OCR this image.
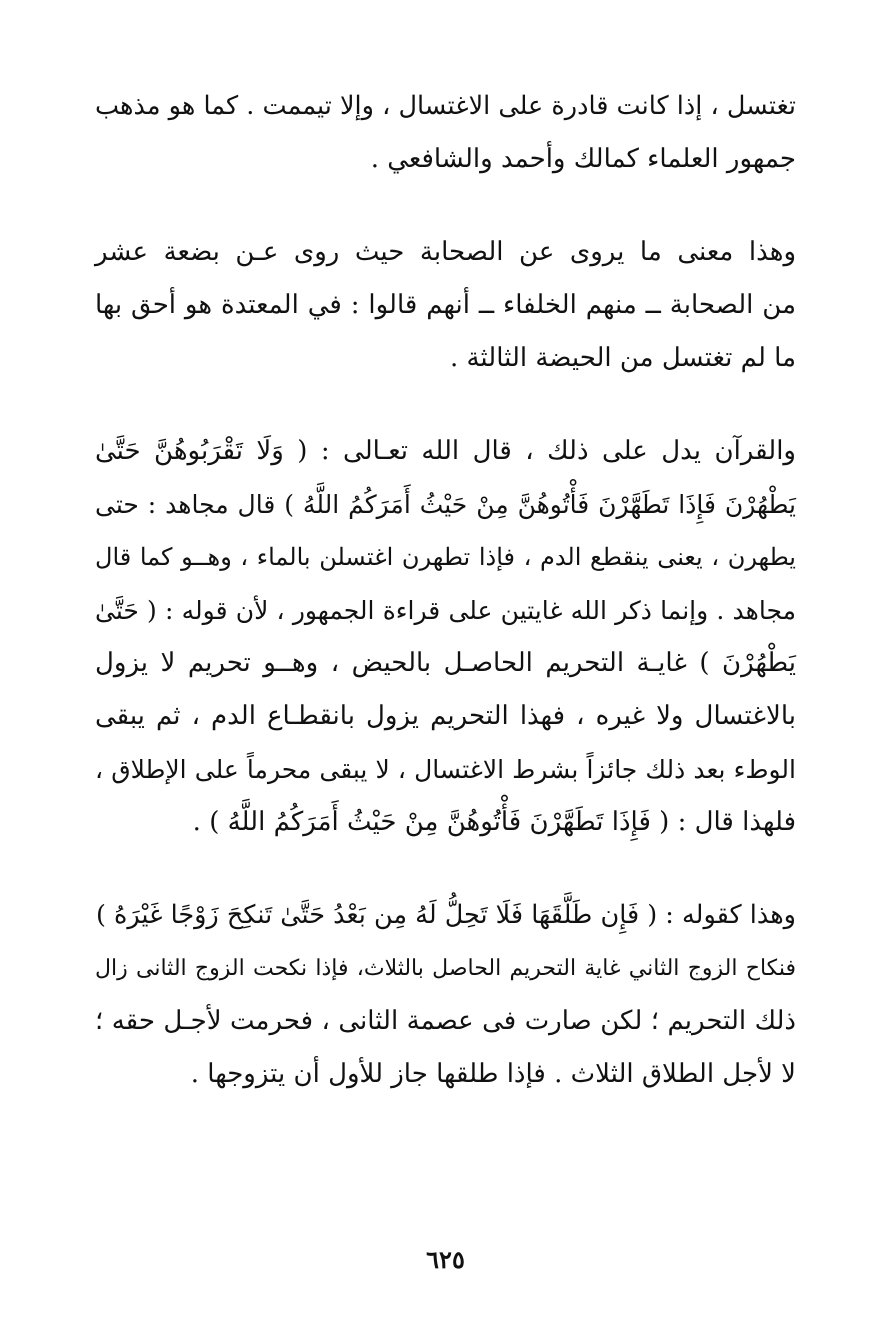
تغتسل ، إذا كانت قادرة على الاغتسال ، وإلا تيممت . كما هو مذهب
جمهور العلماء كمالك وأحمد والشافعي .

وهذا معنى ما يروى عن الصحابة حيث روى عـن بضعة عشر
من الصحابة ــ منهم الخلفاء ــ أنهم قالوا : في المعتدة هو أحق بها
ما لم تغتسل من الحيضة الثالثة .

والقرآن يدل على ذلك ، قال الله تعـالى : ( وَلَا تَقْرَبُوهُنَّ حَتَّىٰ
يَطْهُرْنَ فَإِذَا تَطَهَّرْنَ فَأْتُوهُنَّ مِنْ حَيْثُ أَمَرَكُمُ اللَّهُ ) قال مجاهد : حتى
يطهرن ، يعنى ينقطع الدم ، فإذا تطهرن اغتسلن بالماء ، وهــو كما قال
مجاهد . وإنما ذكر الله غايتين على قراءة الجمهور ، لأن قوله : ( حَتَّىٰ
يَطْهُرْنَ ) غايـة التحريم الحاصـل بالحيض ، وهــو تحريم لا يزول
بالاغتسال ولا غيره ، فهذا التحريم يزول بانقطـاع الدم ، ثم يبقى
الوطء بعد ذلك جائزاً بشرط الاغتسال ، لا يبقى محرماً على الإطلاق ،
فلهذا قال : ( فَإِذَا تَطَهَّرْنَ فَأْتُوهُنَّ مِنْ حَيْثُ أَمَرَكُمُ اللَّهُ ) .

وهذا كقوله : ( فَإِن طَلَّقَهَا فَلَا تَحِلُّ لَهُ مِن بَعْدُ حَتَّىٰ تَنكِحَ زَوْجًا غَيْرَهُ )
فنكاح الزوج الثاني غاية التحريم الحاصل بالثلاث، فإذا نكحت الزوج الثانى زال
ذلك التحريم ؛ لكن صارت فى عصمة الثانى ، فحرمت لأجـل حقه ؛
لا لأجل الطلاق الثلاث . فإذا طلقها جاز للأول أن يتزوجها .

٦٢٥
